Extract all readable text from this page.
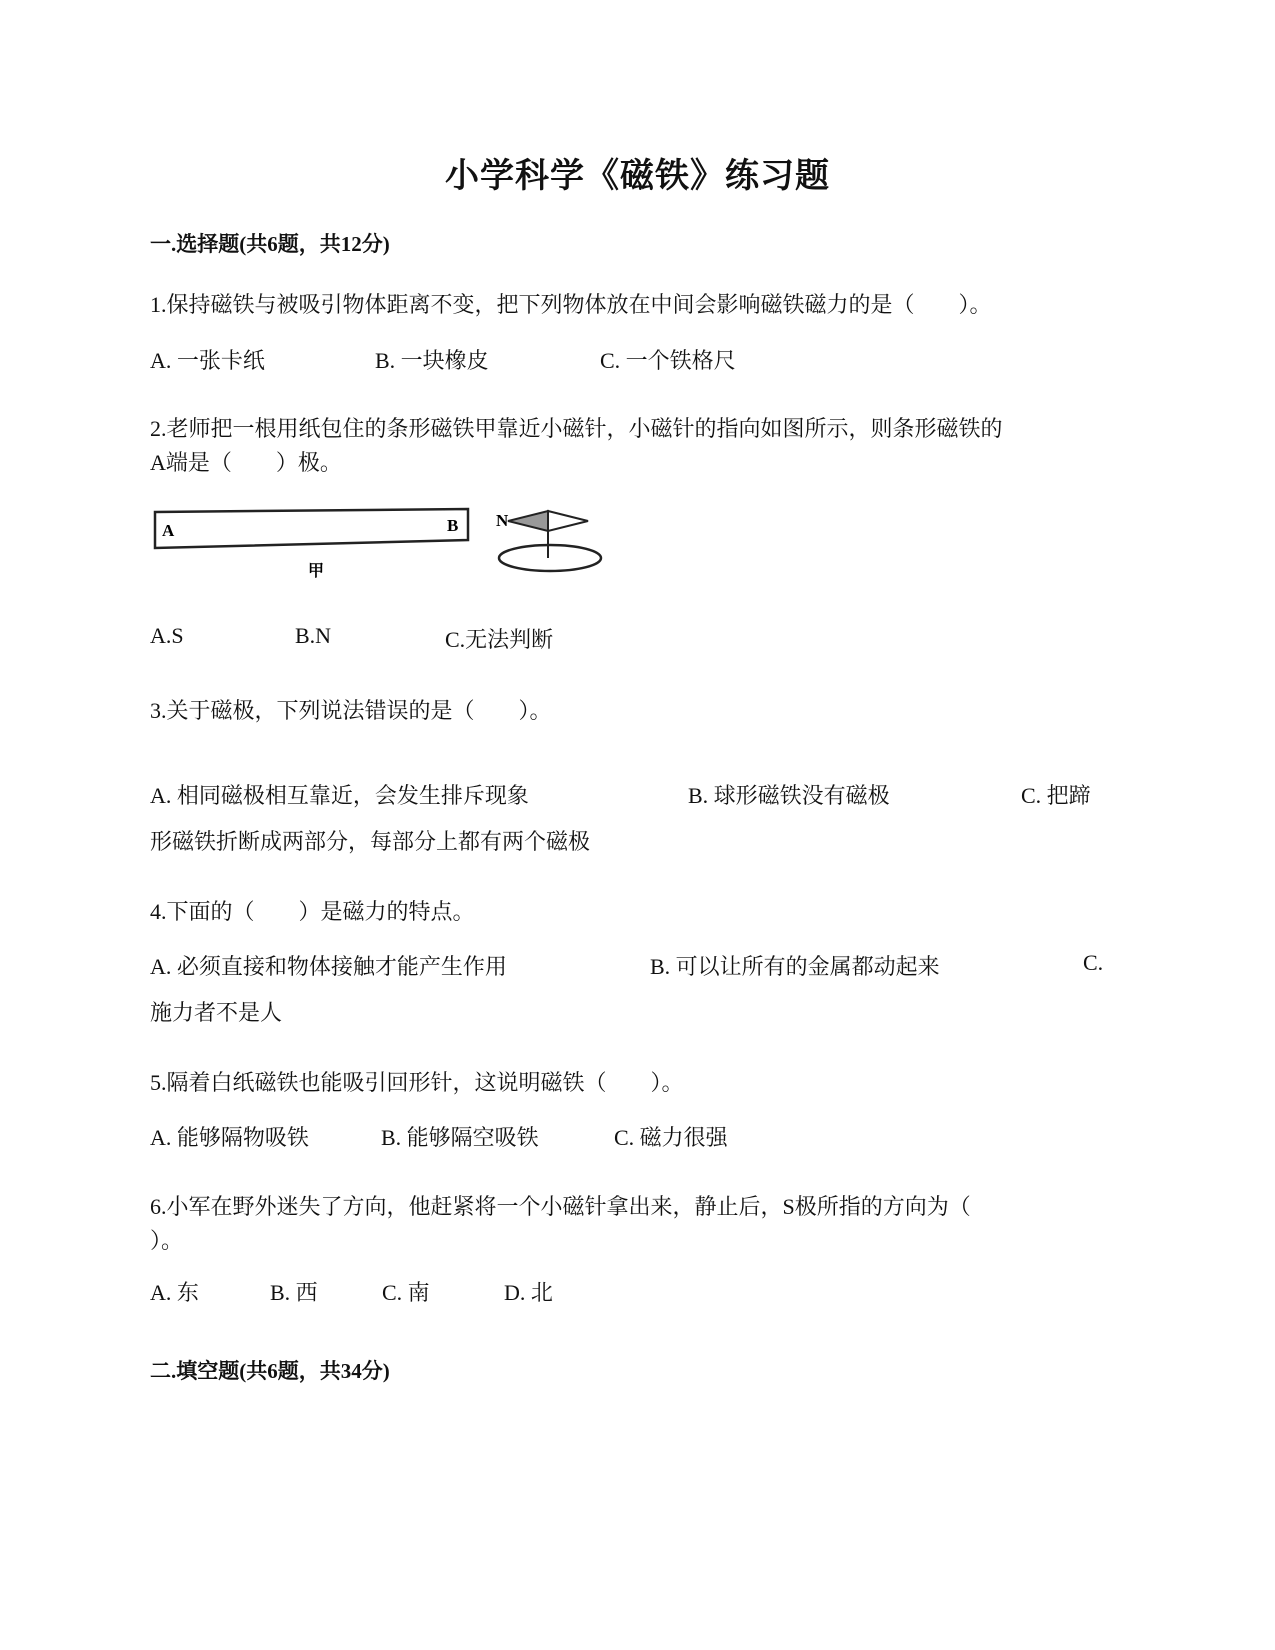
小学科学《磁铁》练习题
一.选择题(共6题，共12分)
1.保持磁铁与被吸引物体距离不变，把下列物体放在中间会影响磁铁磁力的是（　　）。
A. 一张卡纸	B. 一块橡皮	C. 一个铁格尺
2.老师把一根用纸包住的条形磁铁甲靠近小磁针，小磁针的指向如图所示，则条形磁铁的
A端是（　　）极。
A	B
甲
N
A.S	B.N	C.无法判断
3.关于磁极，下列说法错误的是（　　）。
A. 相同磁极相互靠近，会发生排斥现象	B. 球形磁铁没有磁极	C. 把蹄
形磁铁折断成两部分，每部分上都有两个磁极
4.下面的（　　）是磁力的特点。
A. 必须直接和物体接触才能产生作用	B. 可以让所有的金属都动起来	C.
施力者不是人
5.隔着白纸磁铁也能吸引回形针，这说明磁铁（　　）。
A. 能够隔物吸铁	B. 能够隔空吸铁	C. 磁力很强
6.小军在野外迷失了方向，他赶紧将一个小磁针拿出来，静止后，S极所指的方向为（
）。
A. 东	B. 西	C. 南	D. 北
二.填空题(共6题，共34分)
